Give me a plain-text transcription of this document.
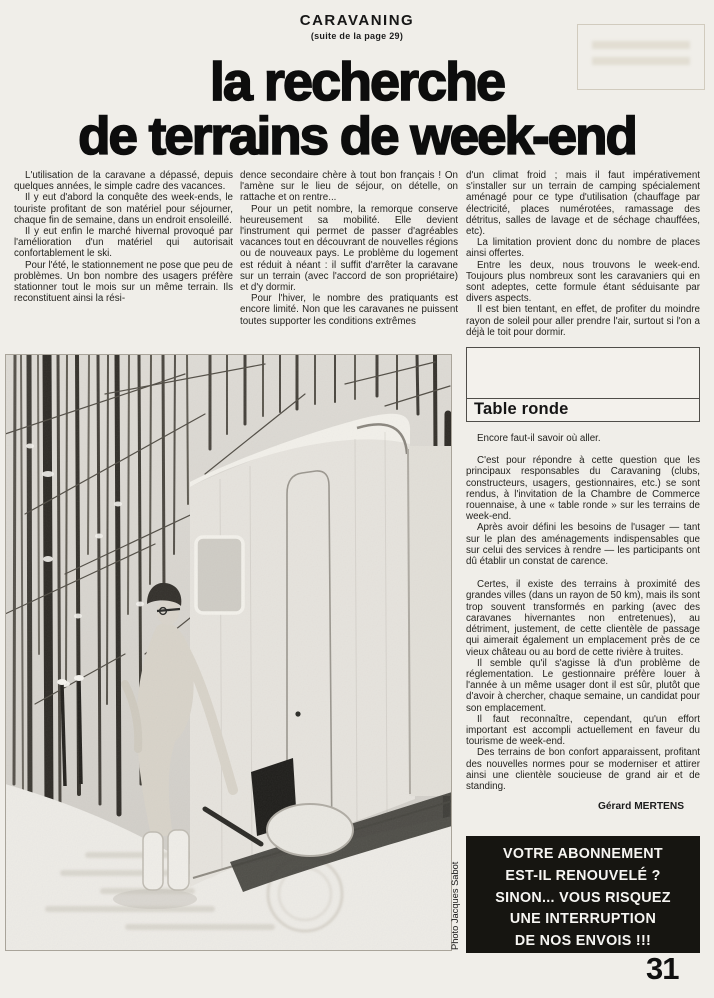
CARAVANING
(suite de la page 29)
la recherche
de terrains de week-end

L'utilisation de la caravane a dépassé, depuis quelques années, le simple cadre des vacances.

Il y eut d'abord la conquête des week-ends, le touriste profitant de son matériel pour séjourner, chaque fin de semaine, dans un endroit ensoleillé.

Il y eut enfin le marché hivernal provoqué par l'amélioration d'un matériel qui autorisait confortablement le ski.

Pour l'été, le stationnement ne pose que peu de problèmes. Un bon nombre des usagers préfère stationner tout le mois sur un même terrain. Ils reconstituent ainsi la rési-

dence secondaire chère à tout bon français ! On l'amène sur le lieu de séjour, on dételle, on rattache et on rentre...

Pour un petit nombre, la remorque conserve heureusement sa mobilité. Elle devient l'instrument qui permet de passer d'agréables vacances tout en découvrant de nouvelles régions ou de nouveaux pays. Le problème du logement est réduit à néant : il suffit d'arrêter la caravane sur un terrain (avec l'accord de son propriétaire) et d'y dormir.

Pour l'hiver, le nombre des pratiquants est encore limité. Non que les caravanes ne puissent toutes supporter les conditions extrêmes

d'un climat froid ; mais il faut impérativement s'installer sur un terrain de camping spécialement aménagé pour ce type d'utilisation (chauffage par électricité, places numérotées, ramassage des détritus, salles de lavage et de séchage chauffées, etc).

La limitation provient donc du nombre de places ainsi offertes.

Entre les deux, nous trouvons le week-end. Toujours plus nombreux sont les caravaniers qui en sont adeptes, cette formule étant séduisante par divers aspects.

Il est bien tentant, en effet, de profiter du moindre rayon de soleil pour aller prendre l'air, surtout si l'on a déjà le toit pour dormir.

Table ronde

Encore faut-il savoir où aller.

C'est pour répondre à cette question que les principaux responsables du Caravaning (clubs, constructeurs, usagers, gestionnaires, etc.) se sont rendus, à l'invitation de la Chambre de Commerce rouennaise, à une « table ronde » sur les terrains de week-end.

Après avoir défini les besoins de l'usager — tant sur le plan des aménagements indispensables que sur celui des services à rendre — les participants ont dû établir un constat de carence.

Certes, il existe des terrains à proximité des grandes villes (dans un rayon de 50 km), mais ils sont trop souvent transformés en parking (avec des caravanes hivernantes non entretenues), au détriment, justement, de cette clientèle de passage qui aimerait également un emplacement près de ce vieux château ou au bord de cette rivière à truites.

Il semble qu'il s'agisse là d'un problème de réglementation. Le gestionnaire préfère louer à l'année à un même usager dont il est sûr, plutôt que d'avoir à chercher, chaque semaine, un candidat pour son emplacement.

Il faut reconnaître, cependant, qu'un effort important est accompli actuellement en faveur du tourisme de week-end.

Des terrains de bon confort apparaissent, profitant des nouvelles normes pour se moderniser et attirer ainsi une clientèle soucieuse de grand air et de standing.

Gérard MERTENS
Photo Jacques Sabot
VOTRE ABONNEMENT
EST-IL RENOUVELÉ ?
SINON... VOUS RISQUEZ
UNE INTERRUPTION
DE NOS ENVOIS !!!
31
